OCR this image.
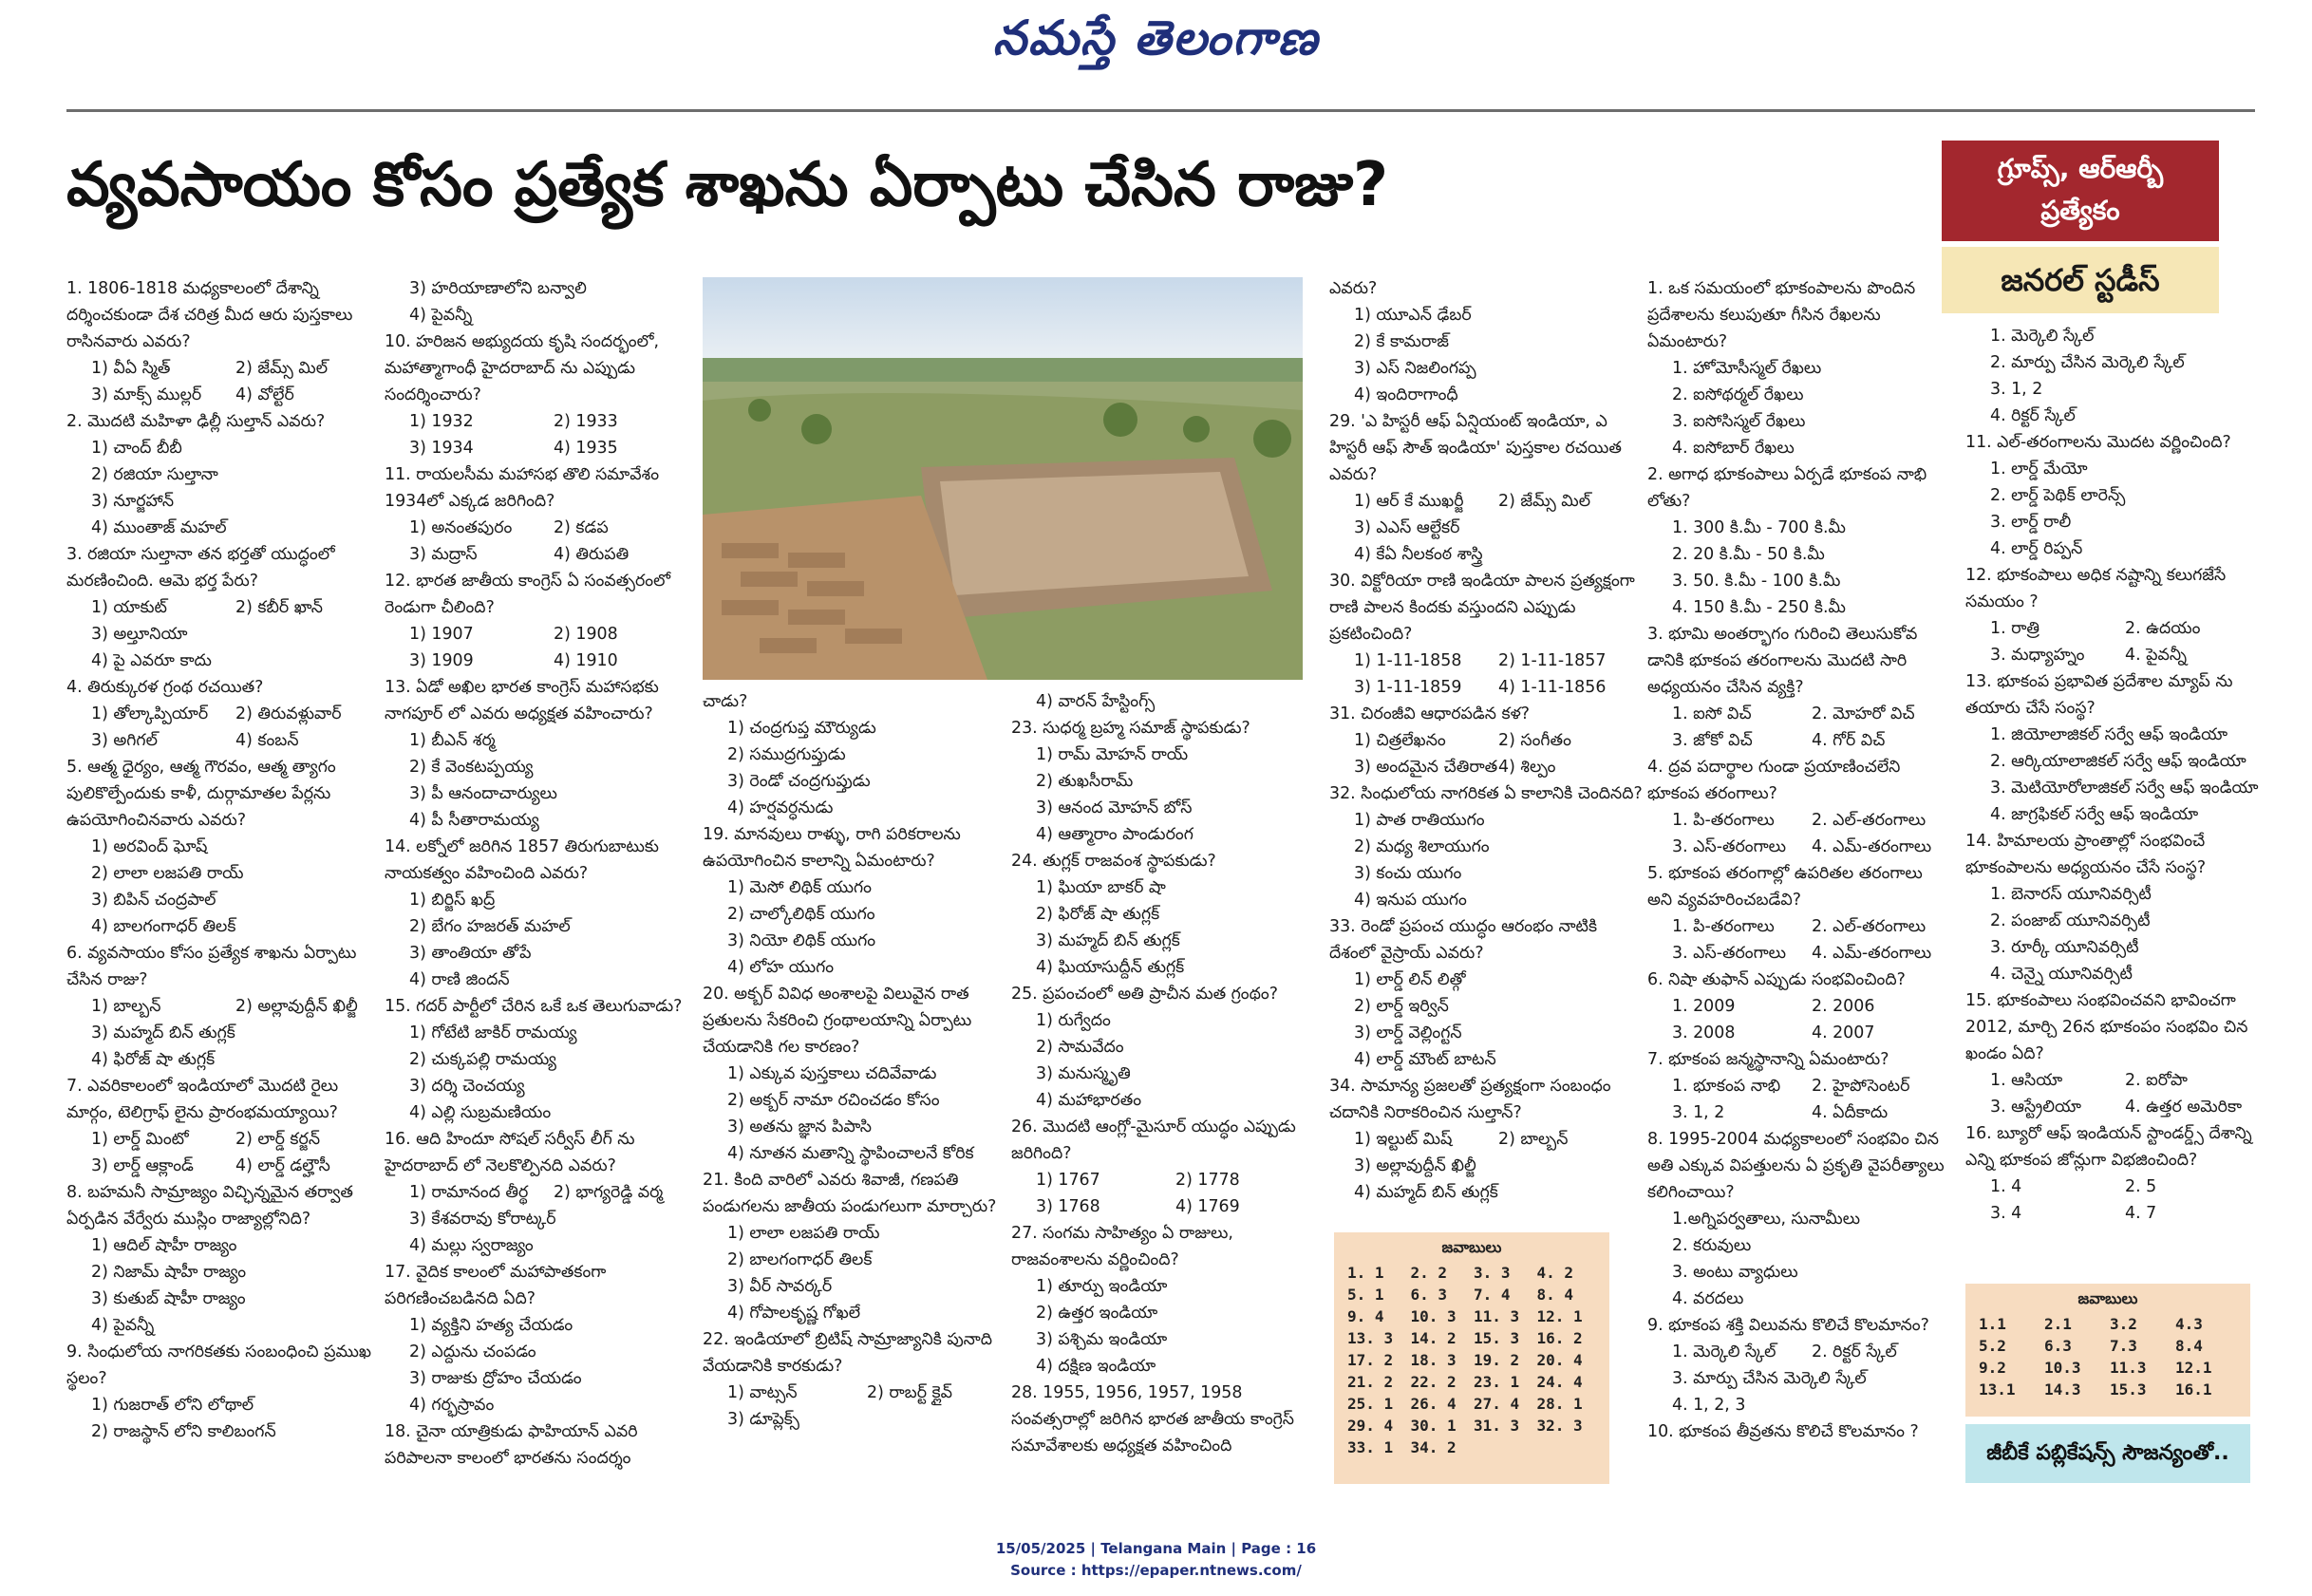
నమస్తే తెలంగాణ
వ్యవసాయం కోసం ప్రత్యేక శాఖను ఏర్పాటు చేసిన రాజు?	గ్రూప్స్, ఆర్ఆర్బీ
ప్రత్యేకం
జనరల్ స్టడీస్

1. 1806-1818 మధ్యకాలంలో దేశాన్ని దర్శించకుండా దేశ చరిత్ర మీద ఆరు పుస్తకాలు రాసినవారు ఎవరు?

1) వీఏ స్మిత్	2) జేమ్స్ మిల్
3) మాక్స్ ముల్లర్	4) వోల్టేర్

2. మొదటి మహిళా ఢిల్లీ సుల్తాన్ ఎవరు?

1) చాంద్ బీబీ

2) రజియా సుల్తానా

3) నూర్జహాన్

4) ముంతాజ్ మహల్

3. రజియా సుల్తానా తన భర్తతో యుద్ధంలో మరణించింది. ఆమె భర్త పేరు?

1) యాకుట్	2) కబీర్ ఖాన్

3) అల్తూనియా

4) పై ఎవరూ కాదు

4. తిరుక్కురళ గ్రంథ రచయిత?

1) తోల్కాప్పియార్	2) తిరువళ్లువార్
3) అగిగల్	4) కంబన్

5. ఆత్మ ధైర్యం, ఆత్మ గౌరవం, ఆత్మ త్యాగం పులికొల్పేందుకు కాళీ, దుర్గామాతల పేర్లను ఉపయోగించినవారు ఎవరు?

1) అరవింద్ ఘోష్

2) లాలా లజపతి రాయ్

3) బిపిన్ చంద్రపాల్

4) బాలగంగాధర్ తిలక్

6. వ్యవసాయం కోసం ప్రత్యేక శాఖను ఏర్పాటు చేసిన రాజు?

1) బాల్బన్	2) అల్లావుద్దీన్ ఖిల్జీ

3) మహ్మద్ బిన్ తుగ్లక్

4) ఫిరోజ్ షా తుగ్లక్

7. ఎవరికాలంలో ఇండియాలో మొదటి రైలు మార్గం, టెలిగ్రాఫ్ లైను ప్రారంభమయ్యాయి?

1) లార్డ్ మింటో	2) లార్డ్ కర్జన్
3) లార్డ్ ఆక్లాండ్	4) లార్డ్ డల్హౌసీ

8. బహమనీ సామ్రాజ్యం విచ్ఛిన్నమైన తర్వాత ఏర్పడిన వేర్వేరు ముస్లిం రాజ్యాల్లోనిది?

1) ఆదిల్ షాహీ రాజ్యం

2) నిజామ్ షాహీ రాజ్యం

3) కుతుబ్ షాహీ రాజ్యం

4) పైవన్నీ

9. సింధులోయ నాగరికతకు సంబంధించి ప్రముఖ స్థలం?

1) గుజరాత్ లోని లోథాల్

2) రాజస్థాన్ లోని కాలిబంగన్

3) హరియాణాలోని బన్వాలి

4) పైవన్నీ

10. హరిజన అభ్యుదయ కృషి సందర్భంలో, మహాత్మాగాంధీ హైదరాబాద్ ను ఎప్పుడు సందర్శించారు?

1) 1932	2) 1933
3) 1934	4) 1935

11. రాయలసీమ మహాసభ తొలి సమావేశం 1934లో ఎక్కడ జరిగింది?

1) అనంతపురం	2) కడప
3) మద్రాస్	4) తిరుపతి

12. భారత జాతీయ కాంగ్రెస్ ఏ సంవత్సరంలో రెండుగా చీలింది?

1) 1907	2) 1908
3) 1909	4) 1910

13. ఏడో అఖిల భారత కాంగ్రెస్ మహాసభకు నాగపూర్ లో ఎవరు అధ్యక్షత వహించారు?

1) బీఎన్ శర్మ

2) కే వెంకటప్పయ్య

3) పీ ఆనందాచార్యులు

4) పీ సీతారామయ్య

14. లక్నోలో జరిగిన 1857 తిరుగుబాటుకు నాయకత్వం వహించింది ఎవరు?

1) బిర్జిస్ ఖద్ర్

2) బేగం హజరత్ మహల్

3) తాంతియా తోపే

4) రాణి జిందన్

15. గదర్ పార్టీలో చేరిన ఒకే ఒక తెలుగువాడు?

1) గోటేటి జాకిర్ రామయ్య

2) చుక్కపల్లి రామయ్య

3) దర్శి చెంచయ్య

4) ఎల్లి సుబ్రమణియం

16. ఆది హిందూ సోషల్ సర్వీస్ లీగ్ ను హైదరాబాద్ లో నెలకొల్పినది ఎవరు?

1) రామానంద తీర్థ	2) భాగ్యరెడ్డి వర్మ

3) కేశవరావు కోరాట్కర్

4) మల్లు స్వరాజ్యం

17. వైదిక కాలంలో మహాపాతకంగా పరిగణించబడినది ఏది?

1) వ్యక్తిని హత్య చేయడం

2) ఎద్దును చంపడం

3) రాజుకు ద్రోహం చేయడం

4) గర్భస్రావం

18. చైనా యాత్రికుడు ఫాహియాన్ ఎవరి పరిపాలనా కాలంలో భారతను సందర్శం

చాడు?

1) చంద్రగుప్త మౌర్యుడు

2) సముద్రగుప్తుడు

3) రెండో చంద్రగుప్తుడు

4) హర్షవర్ధనుడు

19. మానవులు రాళ్ళు, రాగి పరికరాలను ఉపయోగించిన కాలాన్ని ఏమంటారు?

1) మెసో లిథిక్ యుగం

2) చాల్కోలిథిక్ యుగం

3) నియో లిథిక్ యుగం

4) లోహ యుగం

20. అక్బర్ వివిధ అంశాలపై విలువైన రాత ప్రతులను సేకరించి గ్రంథాలయాన్ని ఏర్పాటు చేయడానికి గల కారణం?

1) ఎక్కువ పుస్తకాలు చదివేవాడు

2) అక్బర్ నామా రచించడం కోసం

3) అతను జ్ఞాన పిపాసి

4) నూతన మతాన్ని స్థాపించాలనే కోరిక

21. కింది వారిలో ఎవరు శివాజీ, గణపతి పండుగలను జాతీయ పండుగలుగా మార్చారు?

1) లాలా లజపతి రాయ్

2) బాలగంగాధర్ తిలక్

3) వీర్ సావర్కర్

4) గోపాలకృష్ణ గోఖలే

22. ఇండియాలో బ్రిటిష్ సామ్రాజ్యానికి పునాది వేయడానికి కారకుడు?

1) వాట్సన్	2) రాబర్ట్ క్లైవ్

3) డూప్లెక్స్

4) వారన్ హేస్టింగ్స్

23. సుధర్మ బ్రహ్మ సమాజ్ స్థాపకుడు?

1) రామ్ మోహన్ రాయ్

2) తుఖసీరామ్

3) ఆనంద మోహన్ బోస్

4) ఆత్మారాం పాండురంగ

24. తుగ్లక్ రాజవంశ స్థాపకుడు?

1) ఘియా బాకర్ షా

2) ఫిరోజ్ షా తుగ్లక్

3) మహ్మద్ బిన్ తుగ్లక్

4) ఘియాసుద్దీన్ తుగ్లక్

25. ప్రపంచంలో అతి ప్రాచీన మత గ్రంథం?

1) రుగ్వేదం

2) సామవేదం

3) మనుస్మృతి

4) మహాభారతం

26. మొదటి ఆంగ్లో-మైసూర్ యుద్ధం ఎప్పుడు జరిగింది?

1) 1767	2) 1778
3) 1768	4) 1769

27. సంగమ సాహిత్యం ఏ రాజులు, రాజవంశాలను వర్ణించింది?

1) తూర్పు ఇండియా

2) ఉత్తర ఇండియా

3) పశ్చిమ ఇండియా

4) దక్షిణ ఇండియా

28. 1955, 1956, 1957, 1958 సంవత్సరాల్లో జరిగిన భారత జాతీయ కాంగ్రెస్ సమావేశాలకు అధ్యక్షత వహించింది

ఎవరు?

1) యూఎన్ ఢేబర్

2) కే కామరాజ్

3) ఎస్ నిజలింగప్ప

4) ఇందిరాగాంధీ

29. 'ఎ హిస్టరీ ఆఫ్ ఏన్షియంట్ ఇండియా, ఎ హిస్టరీ ఆఫ్ సౌత్ ఇండియా' పుస్తకాల రచయిత ఎవరు?

1) ఆర్ కే ముఖర్జీ	2) జేమ్స్ మిల్

3) ఎఎస్ ఆల్టేకర్

4) కేఏ నీలకంఠ శాస్త్రి

30. విక్టోరియా రాణి ఇండియా పాలన ప్రత్యక్షంగా రాణి పాలన కిందకు వస్తుందని ఎప్పుడు ప్రకటించింది?

1) 1-11-1858	2) 1-11-1857
3) 1-11-1859	4) 1-11-1856

31. చిరంజీవి ఆధారపడిన కళ?

1) చిత్రలేఖనం	2) సంగీతం
3) అందమైన చేతిరాత 4) శిల్పం

32. సింధులోయ నాగరికత ఏ కాలానికి చెందినది?

1) పాత రాతియుగం

2) మధ్య శిలాయుగం

3) కంచు యుగం

4) ఇనుప యుగం

33. రెండో ప్రపంచ యుద్ధం ఆరంభం నాటికి దేశంలో వైస్రాయ్ ఎవరు?

1) లార్డ్ లిన్ లిత్గో

2) లార్డ్ ఇర్విన్

3) లార్డ్ వెల్లింగ్టన్

4) లార్డ్ మౌంట్ బాటన్

34. సామాన్య ప్రజలతో ప్రత్యక్షంగా సంబంధం చదానికి నిరాకరించిన సుల్తాన్?

1) ఇల్టుట్ మిష్	2) బాల్బన్

3) అల్లావుద్దీన్ ఖిల్జీ

4) మహ్మద్ బిన్ తుగ్లక్

జవాబులు
1. 1	2. 2	3. 3	4. 2
5. 1	6. 3	7. 4	8. 4
9. 4	10. 3	11. 3	12. 1
13. 3	14. 2	15. 3	16. 2
17. 2	18. 3	19. 2	20. 4
21. 2	22. 2	23. 1	24. 4
25. 1	26. 4	27. 4	28. 1
29. 4	30. 1	31. 3	32. 3
33. 1	34. 2

1. ఒక సమయంలో భూకంపాలను పొందిన ప్రదేశాలను కలుపుతూ గీసిన రేఖలను ఏమంటారు?

1. హోమోసీస్మల్ రేఖలు

2. ఐసోథర్మల్ రేఖలు

3. ఐసోసిస్మల్ రేఖలు

4. ఐసోబార్ రేఖలు

2. అగాధ భూకంపాలు ఏర్పడే భూకంప నాభి లోతు?

1. 300 కి.మీ - 700 కి.మీ

2. 20 కి.మీ - 50 కి.మీ

3. 50. కి.మీ - 100 కి.మీ

4. 150 కి.మీ - 250 కి.మీ

3. భూమి అంతర్భాగం గురించి తెలుసుకోవ డానికి భూకంప తరంగాలను మొదటి సారి అధ్యయనం చేసిన వ్యక్తి?

1. ఐసో విచ్	2. మోహరో విచ్
3. జోకో విచ్	4. గోర్ విచ్

4. ద్రవ పదార్థాల గుండా ప్రయాణించలేని భూకంప తరంగాలు?

1. పి-తరంగాలు	2. ఎల్-తరంగాలు
3. ఎస్-తరంగాలు	4. ఎమ్-తరంగాలు

5. భూకంప తరంగాల్లో ఉపరితల తరంగాలు అని వ్యవహరించబడేవి?

1. పి-తరంగాలు	2. ఎల్-తరంగాలు
3. ఎస్-తరంగాలు	4. ఎమ్-తరంగాలు

6. నిషా తుఫాన్ ఎప్పుడు సంభవించింది?

1. 2009	2. 2006
3. 2008	4. 2007

7. భూకంప జన్మస్థానాన్ని ఏమంటారు?

1. భూకంప నాభి	2. హైపోసెంటర్
3. 1, 2	4. ఏదీకాదు

8. 1995-2004 మధ్యకాలంలో సంభవిం చిన అతి ఎక్కువ విపత్తులను ఏ ప్రకృతి వైపరీత్యాలు కలిగించాయి?

1.అగ్నిపర్వతాలు, సునామీలు

2. కరువులు

3. అంటు వ్యాధులు

4. వరదలు

9. భూకంప శక్తి విలువను కొలిచే కొలమానం?

1. మెర్కెలి స్కేల్	2. రిక్టర్ స్కేల్

3. మార్పు చేసిన మెర్కెలి స్కేల్

4. 1, 2, 3

10. భూకంప తీవ్రతను కొలిచే కొలమానం ?

1. మెర్కెలి స్కేల్

2. మార్పు చేసిన మెర్కెలి స్కేల్

3. 1, 2

4. రిక్టర్ స్కేల్

11. ఎల్-తరంగాలను మొదట వర్ణించింది?

1. లార్డ్ మేయో

2. లార్డ్ పెథిక్ లారెన్స్

3. లార్డ్ రాలీ

4. లార్డ్ రిప్పన్

12. భూకంపాలు అధిక నష్టాన్ని కలుగజేసే సమయం ?

1. రాత్రి	2. ఉదయం
3. మధ్యాహ్నం	4. పైవన్నీ

13. భూకంప ప్రభావిత ప్రదేశాల మ్యాప్ ను తయారు చేసే సంస్థ?

1. జియోలాజికల్ సర్వే ఆఫ్ ఇండియా

2. ఆర్కియాలాజికల్ సర్వే ఆఫ్ ఇండియా

3. మెటియోరోలాజికల్ సర్వే ఆఫ్ ఇండియా

4. జాగ్రఫికల్ సర్వే ఆఫ్ ఇండియా

14. హిమాలయ ప్రాంతాల్లో సంభవించే భూకంపాలను అధ్యయనం చేసే సంస్థ?

1. బెనారస్ యూనివర్సిటీ

2. పంజాబ్ యూనివర్సిటీ

3. రూర్కీ యూనివర్సిటీ

4. చెన్నై యూనివర్సిటీ

15. భూకంపాలు సంభవించవని భావించగా 2012, మార్చి 26న భూకంపం సంభవిం చిన ఖండం ఏది?

1. ఆసియా	2. ఐరోపా
3. ఆస్ట్రేలియా	4. ఉత్తర అమెరికా

16. బ్యూరో ఆఫ్ ఇండియన్ స్టాండర్డ్స్ దేశాన్ని ఎన్ని భూకంప జోన్లుగా విభజించింది?

1. 4	2. 5
3. 4	4. 7
జవాబులు
1.1	2.1	3.2	4.3
5.2	6.3	7.3	8.4
9.2	10.3	11.3	12.1
13.1	14.3	15.3	16.1
జీబీకే పబ్లికేషన్స్ సౌజన్యంతో..
15/05/2025 | Telangana Main | Page : 16
Source : https://epaper.ntnews.com/
